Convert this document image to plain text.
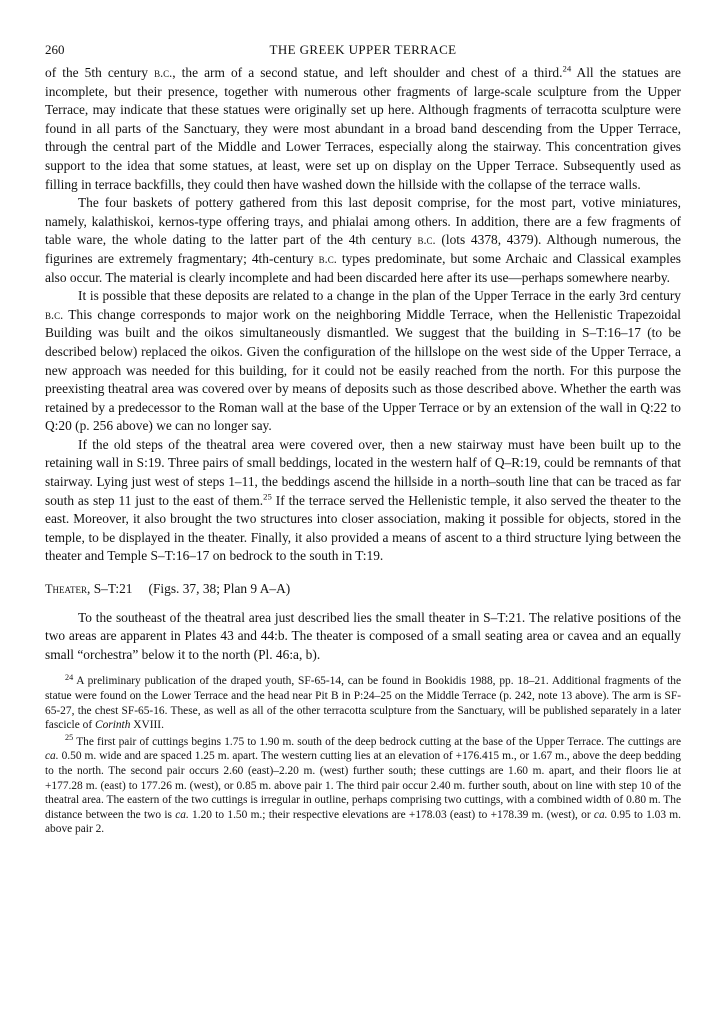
260	THE GREEK UPPER TERRACE

of the 5th century b.c., the arm of a second statue, and left shoulder and chest of a third.$^{24}$ All the statues are incomplete, but their presence, together with numerous other fragments of large-scale sculpture from the Upper Terrace, may indicate that these statues were originally set up here. Although fragments of terracotta sculpture were found in all parts of the Sanctuary, they were most abundant in a broad band descending from the Upper Terrace, through the central part of the Middle and Lower Terraces, especially along the stairway. This concentration gives support to the idea that some statues, at least, were set up on display on the Upper Terrace. Subsequently used as filling in terrace backfills, they could then have washed down the hillside with the collapse of the terrace walls.

The four baskets of pottery gathered from this last deposit comprise, for the most part, votive miniatures, namely, kalathiskoi, kernos-type offering trays, and phialai among others. In addition, there are a few fragments of table ware, the whole dating to the latter part of the 4th century b.c. (lots 4378, 4379). Although numerous, the figurines are extremely fragmentary; 4th-century b.c. types predominate, but some Archaic and Classical examples also occur. The material is clearly incomplete and had been discarded here after its use—perhaps somewhere nearby.

It is possible that these deposits are related to a change in the plan of the Upper Terrace in the early 3rd century b.c. This change corresponds to major work on the neighboring Middle Terrace, when the Hellenistic Trapezoidal Building was built and the oikos simultaneously dismantled. We suggest that the building in S–T:16–17 (to be described below) replaced the oikos. Given the configuration of the hillslope on the west side of the Upper Terrace, a new approach was needed for this building, for it could not be easily reached from the north. For this purpose the preexisting theatral area was covered over by means of deposits such as those described above. Whether the earth was retained by a predecessor to the Roman wall at the base of the Upper Terrace or by an extension of the wall in Q:22 to Q:20 (p. 256 above) we can no longer say.

If the old steps of the theatral area were covered over, then a new stairway must have been built up to the retaining wall in S:19. Three pairs of small beddings, located in the western half of Q–R:19, could be remnants of that stairway. Lying just west of steps 1–11, the beddings ascend the hillside in a north–south line that can be traced as far south as step 11 just to the east of them.$^{25}$ If the terrace served the Hellenistic temple, it also served the theater to the east. Moreover, it also brought the two structures into closer association, making it possible for objects, stored in the temple, to be displayed in the theater. Finally, it also provided a means of ascent to a third structure lying between the theater and Temple S–T:16–17 on bedrock to the south in T:19.

Theater, S–T:21 (Figs. 37, 38; Plan 9 A–A)

To the southeast of the theatral area just described lies the small theater in S–T:21. The relative positions of the two areas are apparent in Plates 43 and 44:b. The theater is composed of a small seating area or cavea and an equally small “orchestra” below it to the north (Pl. 46:a, b).

$^{24}$ A preliminary publication of the draped youth, SF-65-14, can be found in Bookidis 1988, pp. 18–21. Additional fragments of the statue were found on the Lower Terrace and the head near Pit B in P:24–25 on the Middle Terrace (p. 242, note 13 above). The arm is SF-65-27, the chest SF-65-16. These, as well as all of the other terracotta sculpture from the Sanctuary, will be published separately in a later fascicle of Corinth XVIII.

$^{25}$ The first pair of cuttings begins 1.75 to 1.90 m. south of the deep bedrock cutting at the base of the Upper Terrace. The cuttings are ca. 0.50 m. wide and are spaced 1.25 m. apart. The western cutting lies at an elevation of +176.415 m., or 1.67 m., above the deep bedding to the north. The second pair occurs 2.60 (east)–2.20 m. (west) further south; these cuttings are 1.60 m. apart, and their floors lie at +177.28 m. (east) to 177.26 m. (west), or 0.85 m. above pair 1. The third pair occur 2.40 m. further south, about on line with step 10 of the theatral area. The eastern of the two cuttings is irregular in outline, perhaps comprising two cuttings, with a combined width of 0.80 m. The distance between the two is ca. 1.20 to 1.50 m.; their respective elevations are +178.03 (east) to +178.39 m. (west), or ca. 0.95 to 1.03 m. above pair 2.
